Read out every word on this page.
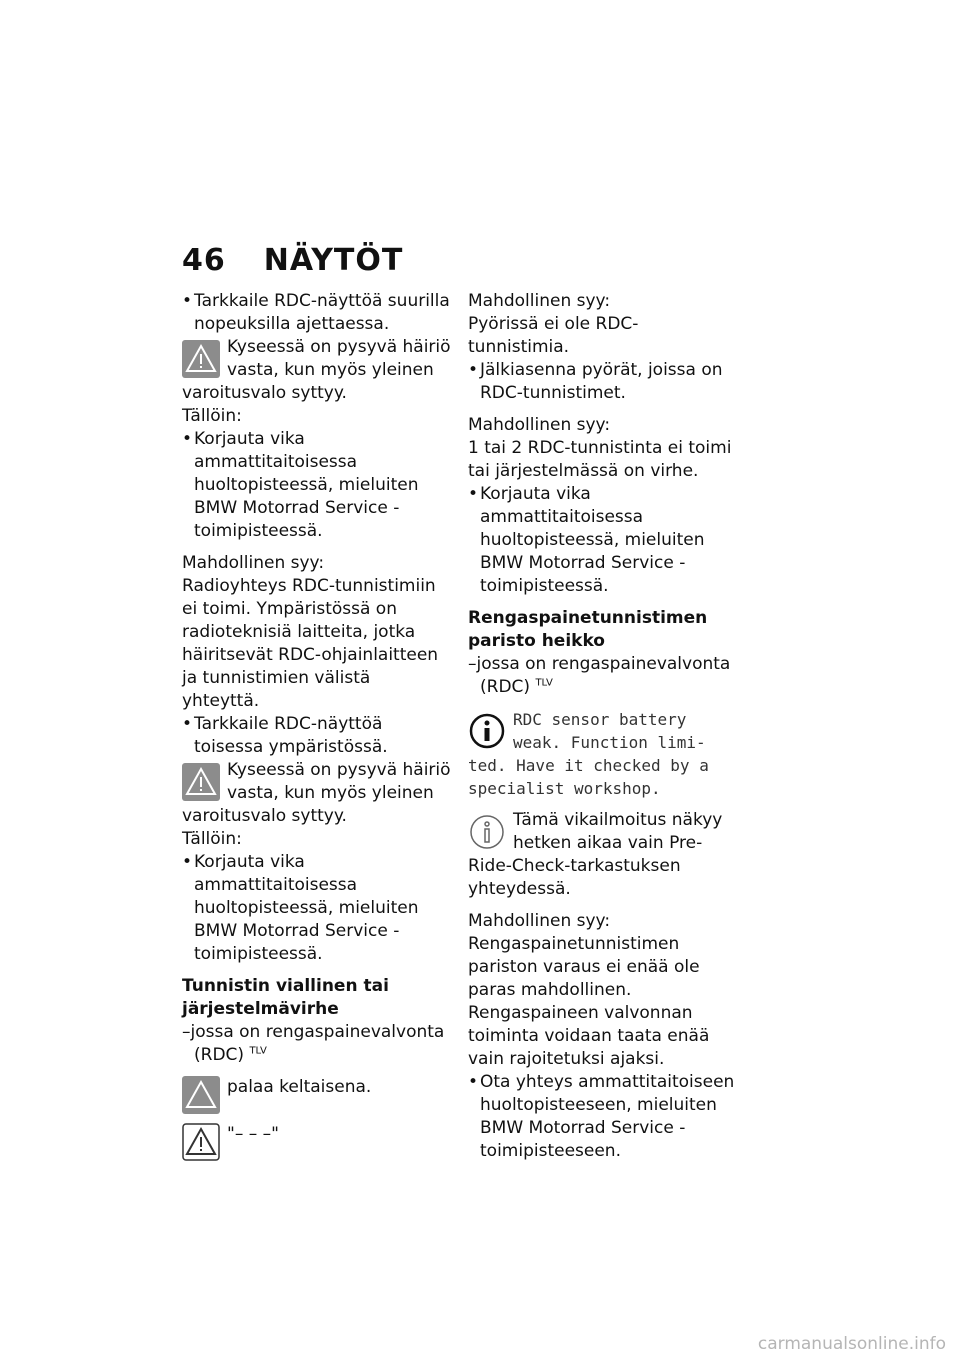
46 NÄYTÖT

• Tarkkaile RDC-näyttöä suurilla nopeuksilla ajettaessa.

Kyseessä on pysyvä häiriö vasta, kun myös yleinen

varoitusvalo syttyy.

Tällöin:

• Korjauta vika ammattitaitoisessa huoltopisteessä, mieluiten BMW Motorrad Service -toimipisteessä.

Mahdollinen syy:

Radioyhteys RDC-tunnistimiin ei toimi. Ympäristössä on radioteknisiä laitteita, jotka häiritsevät RDC-ohjainlaitteen ja tunnistimien välistä yhteyttä.

• Tarkkaile RDC-näyttöä toisessa ympäristössä.

Kyseessä on pysyvä häiriö vasta, kun myös yleinen

varoitusvalo syttyy.

Tällöin:

• Korjauta vika ammattitaitoisessa huoltopisteessä, mieluiten BMW Motorrad Service -toimipisteessä.

Tunnistin viallinen tai järjestelmävirhe

–jossa on rengaspainevalvonta (RDC) $^{TLV}$

palaa keltaisena.
"– – –"

Mahdollinen syy:

Pyörissä ei ole RDC-tunnistimia.

• Jälkiasenna pyörät, joissa on RDC-tunnistimet.

Mahdollinen syy:

1 tai 2 RDC-tunnistinta ei toimi tai järjestelmässä on virhe.

• Korjauta vika ammattitaitoisessa huoltopisteessä, mieluiten BMW Motorrad Service -toimipisteessä.

Rengaspainetunnistimen paristo heikko

–jossa on rengaspainevalvonta (RDC) $^{TLV}$

RDC sensor battery weak. Function limi-

ted. Have it checked by a specialist workshop.

Tämä vikailmoitus näkyy hetken aikaa vain Pre-

Ride-Check-tarkastuksen yhteydessä.

Mahdollinen syy:

Rengaspainetunnistimen pariston varaus ei enää ole paras mahdollinen. Rengaspaineen valvonnan toiminta voidaan taata enää vain rajoitetuksi ajaksi.

• Ota yhteys ammattitaitoiseen huoltopisteeseen, mieluiten BMW Motorrad Service -toimipisteeseen.

carmanualsonline.info
